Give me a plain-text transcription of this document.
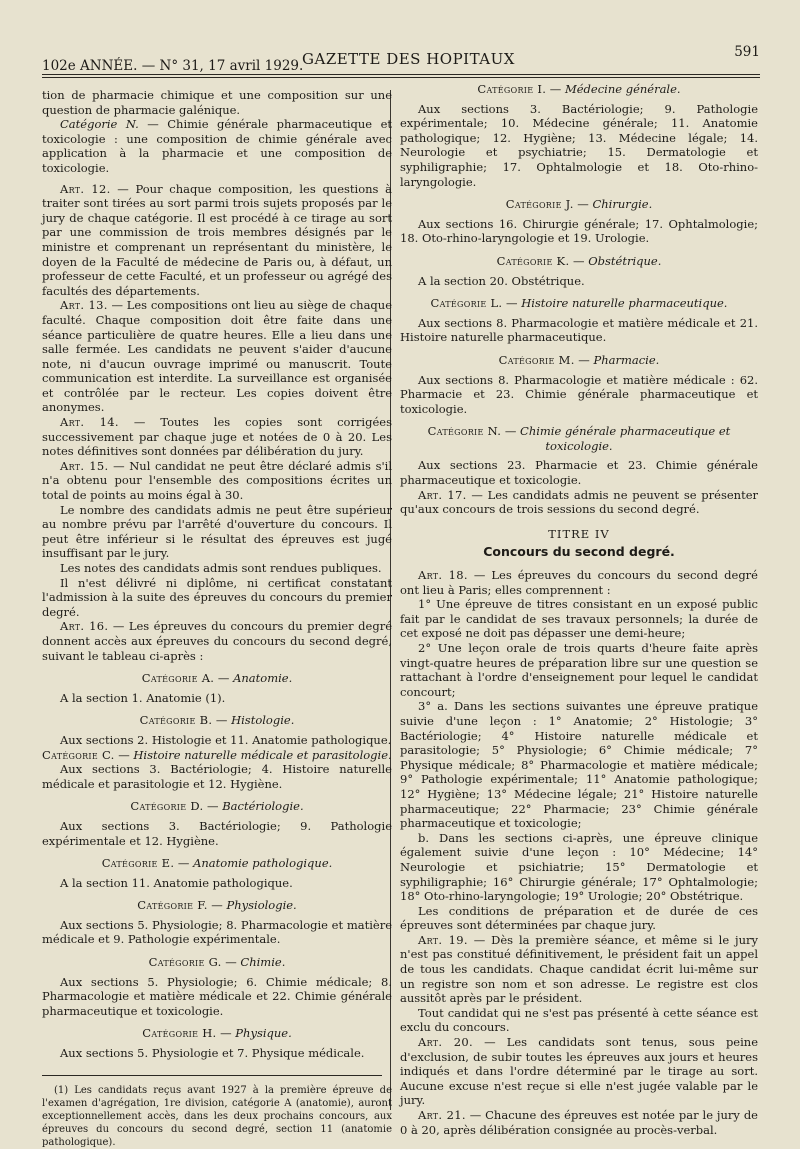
102e ANNÉE. — N° 31, 17 avril 1929.
GAZETTE DES HOPITAUX	591

tion de pharmacie chimique et une composition sur une question de pharmacie galénique.

Catégorie N. — Chimie générale pharmaceutique et toxicologie : une composition de chimie générale avec application à la pharmacie et une composition de toxicologie.

Art. 12. — Pour chaque composition, les questions à traiter sont tirées au sort parmi trois sujets proposés par le jury de chaque catégorie. Il est procédé à ce tirage au sort par une commission de trois membres désignés par le ministre et comprenant un représentant du ministère, le doyen de la Faculté de médecine de Paris ou, à défaut, un professeur de cette Faculté, et un professeur ou agrégé des facultés des départements.

Art. 13. — Les compositions ont lieu au siège de chaque faculté. Chaque composition doit être faite dans une séance particulière de quatre heures. Elle a lieu dans une salle fermée. Les candidats ne peuvent s'aider d'aucune note, ni d'aucun ouvrage imprimé ou manuscrit. Toute communication est interdite. La surveillance est organisée et contrôlée par le recteur. Les copies doivent être anonymes.

Art. 14. — Toutes les copies sont corrigées successivement par chaque juge et notées de 0 à 20. Les notes définitives sont données par délibération du jury.

Art. 15. — Nul candidat ne peut être déclaré admis s'il n'a obtenu pour l'ensemble des compositions écrites un total de points au moins égal à 30.

Le nombre des candidats admis ne peut être supérieur au nombre prévu par l'arrêté d'ouverture du concours. Il peut être inférieur si le résultat des épreuves est jugé insuffisant par le jury.

Les notes des candidats admis sont rendues publiques.

Il n'est délivré ni diplôme, ni certificat constatant l'admission à la suite des épreuves du concours du premier degré.

Art. 16. — Les épreuves du concours du premier degré donnent accès aux épreuves du concours du second degré, suivant le tableau ci-après :

Catégorie A. — Anatomie.

A la section 1. Anatomie (1).

Catégorie B. — Histologie.

Aux sections 2. Histologie et 11. Anatomie pathologique.

Catégorie C. — Histoire naturelle médicale et parasitologie.

Aux sections 3. Bactériologie; 4. Histoire naturelle médicale et parasitologie et 12. Hygiène.

Catégorie D. — Bactériologie.

Aux sections 3. Bactériologie; 9. Pathologie expérimentale et 12. Hygiène.

Catégorie E. — Anatomie pathologique.

A la section 11. Anatomie pathologique.

Catégorie F. — Physiologie.

Aux sections 5. Physiologie; 8. Pharmacologie et matière médicale et 9. Pathologie expérimentale.

Catégorie G. — Chimie.

Aux sections 5. Physiologie; 6. Chimie médicale; 8. Pharmacologie et matière médicale et 22. Chimie générale pharmaceutique et toxicologie.

Catégorie H. — Physique.

Aux sections 5. Physiologie et 7. Physique médicale.

(1) Les candidats reçus avant 1927 à la première épreuve de l'examen d'agrégation, 1re division, catégorie A (anatomie), auront exceptionnellement accès, dans les deux prochains concours, aux épreuves du concours du second degré, section 11 (anatomie pathologique).

Catégorie I. — Médecine générale.

Aux sections 3. Bactériologie; 9. Pathologie expérimentale; 10. Médecine générale; 11. Anatomie pathologique; 12. Hygiène; 13. Médecine légale; 14. Neurologie et psychiatrie; 15. Dermatologie et syphiligraphie; 17. Ophtalmologie et 18. Oto-rhino-laryngologie.

Catégorie J. — Chirurgie.

Aux sections 16. Chirurgie générale; 17. Ophtalmologie; 18. Oto-rhino-laryngologie et 19. Urologie.

Catégorie K. — Obstétrique.

A la section 20. Obstétrique.

Catégorie L. — Histoire naturelle pharmaceutique.

Aux sections 8. Pharmacologie et matière médicale et 21. Histoire naturelle pharmaceutique.

Catégorie M. — Pharmacie.

Aux sections 8. Pharmacologie et matière médicale : 62. Pharmacie et 23. Chimie générale pharmaceutique et toxicologie.

Catégorie N. — Chimie générale pharmaceutique et toxicologie.

Aux sections 23. Pharmacie et 23. Chimie générale pharmaceutique et toxicologie.

Art. 17. — Les candidats admis ne peuvent se présenter qu'aux concours de trois sessions du second degré.

TITRE IV

Concours du second degré.

Art. 18. — Les épreuves du concours du second degré ont lieu à Paris; elles comprennent :

1° Une épreuve de titres consistant en un exposé public fait par le candidat de ses travaux personnels; la durée de cet exposé ne doit pas dépasser une demi-heure;

2° Une leçon orale de trois quarts d'heure faite après vingt-quatre heures de préparation libre sur une question se rattachant à l'ordre d'enseignement pour lequel le candidat concourt;

3° a. Dans les sections suivantes une épreuve pratique suivie d'une leçon : 1° Anatomie; 2° Histologie; 3° Bactériologie; 4° Histoire naturelle médicale et parasitologie; 5° Physiologie; 6° Chimie médicale; 7° Physique médicale; 8° Pharmacologie et matière médicale; 9° Pathologie expérimentale; 11° Anatomie pathologique; 12° Hygiène; 13° Médecine légale; 21° Histoire naturelle pharmaceutique; 22° Pharmacie; 23° Chimie générale pharmaceutique et toxicologie;

b. Dans les sections ci-après, une épreuve clinique également suivie d'une leçon : 10° Médecine; 14° Neurologie et psichiatrie; 15° Dermatologie et syphiligraphie; 16° Chirurgie générale; 17° Ophtalmologie; 18° Oto-rhino-laryngologie; 19° Urologie; 20° Obstétrique.

Les conditions de préparation et de durée de ces épreuves sont déterminées par chaque jury.

Art. 19. — Dès la première séance, et même si le jury n'est pas constitué définitivement, le président fait un appel de tous les candidats. Chaque candidat écrit lui-même sur un registre son nom et son adresse. Le registre est clos aussitôt après par le président.

Tout candidat qui ne s'est pas présenté à cette séance est exclu du concours.

Art. 20. — Les candidats sont tenus, sous peine d'exclusion, de subir toutes les épreuves aux jours et heures indiqués et dans l'ordre déterminé par le tirage au sort. Aucune excuse n'est reçue si elle n'est jugée valable par le jury.

Art. 21. — Chacune des épreuves est notée par le jury de 0 à 20, après délibération consignée au procès-verbal.
